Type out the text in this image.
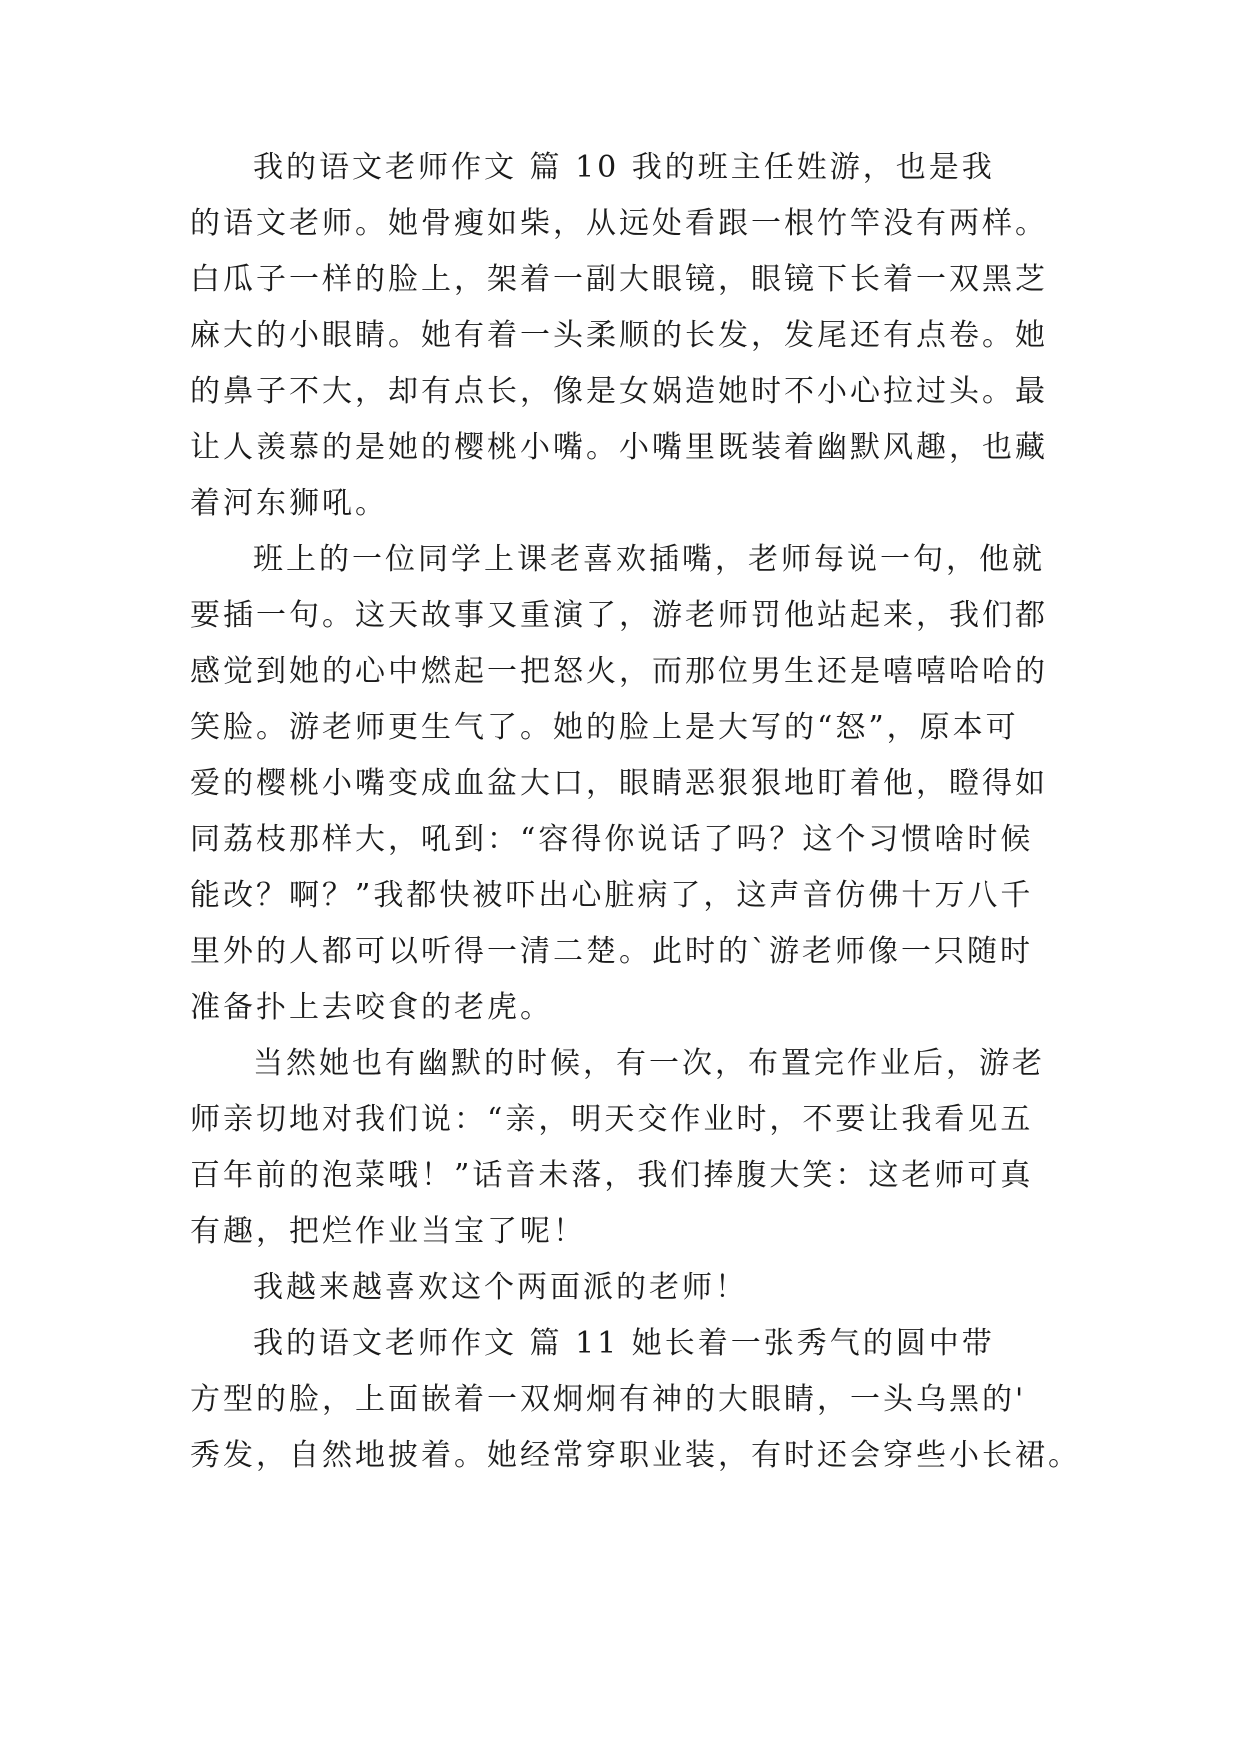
我的语文老师作文 篇 10 我的班主任姓游，也是我
的语文老师。她骨瘦如柴，从远处看跟一根竹竿没有两样。
白瓜子一样的脸上，架着一副大眼镜，眼镜下长着一双黑芝
麻大的小眼睛。她有着一头柔顺的长发，发尾还有点卷。她
的鼻子不大，却有点长，像是女娲造她时不小心拉过头。最
让人羡慕的是她的樱桃小嘴。小嘴里既装着幽默风趣，也藏
着河东狮吼。
班上的一位同学上课老喜欢插嘴，老师每说一句，他就
要插一句。这天故事又重演了，游老师罚他站起来，我们都
感觉到她的心中燃起一把怒火，而那位男生还是嘻嘻哈哈的
笑脸。游老师更生气了。她的脸上是大写的“怒”，原本可
爱的樱桃小嘴变成血盆大口，眼睛恶狠狠地盯着他，瞪得如
同荔枝那样大，吼到：“容得你说话了吗？这个习惯啥时候
能改？啊？”我都快被吓出心脏病了，这声音仿佛十万八千
里外的人都可以听得一清二楚。此时的`游老师像一只随时
准备扑上去咬食的老虎。
当然她也有幽默的时候，有一次，布置完作业后，游老
师亲切地对我们说：“亲，明天交作业时，不要让我看见五
百年前的泡菜哦！”话音未落，我们捧腹大笑：这老师可真
有趣，把烂作业当宝了呢！
我越来越喜欢这个两面派的老师！
我的语文老师作文 篇 11 她长着一张秀气的圆中带
方型的脸，上面嵌着一双炯炯有神的大眼睛，一头乌黑的'
秀发，自然地披着。她经常穿职业装，有时还会穿些小长裙。
